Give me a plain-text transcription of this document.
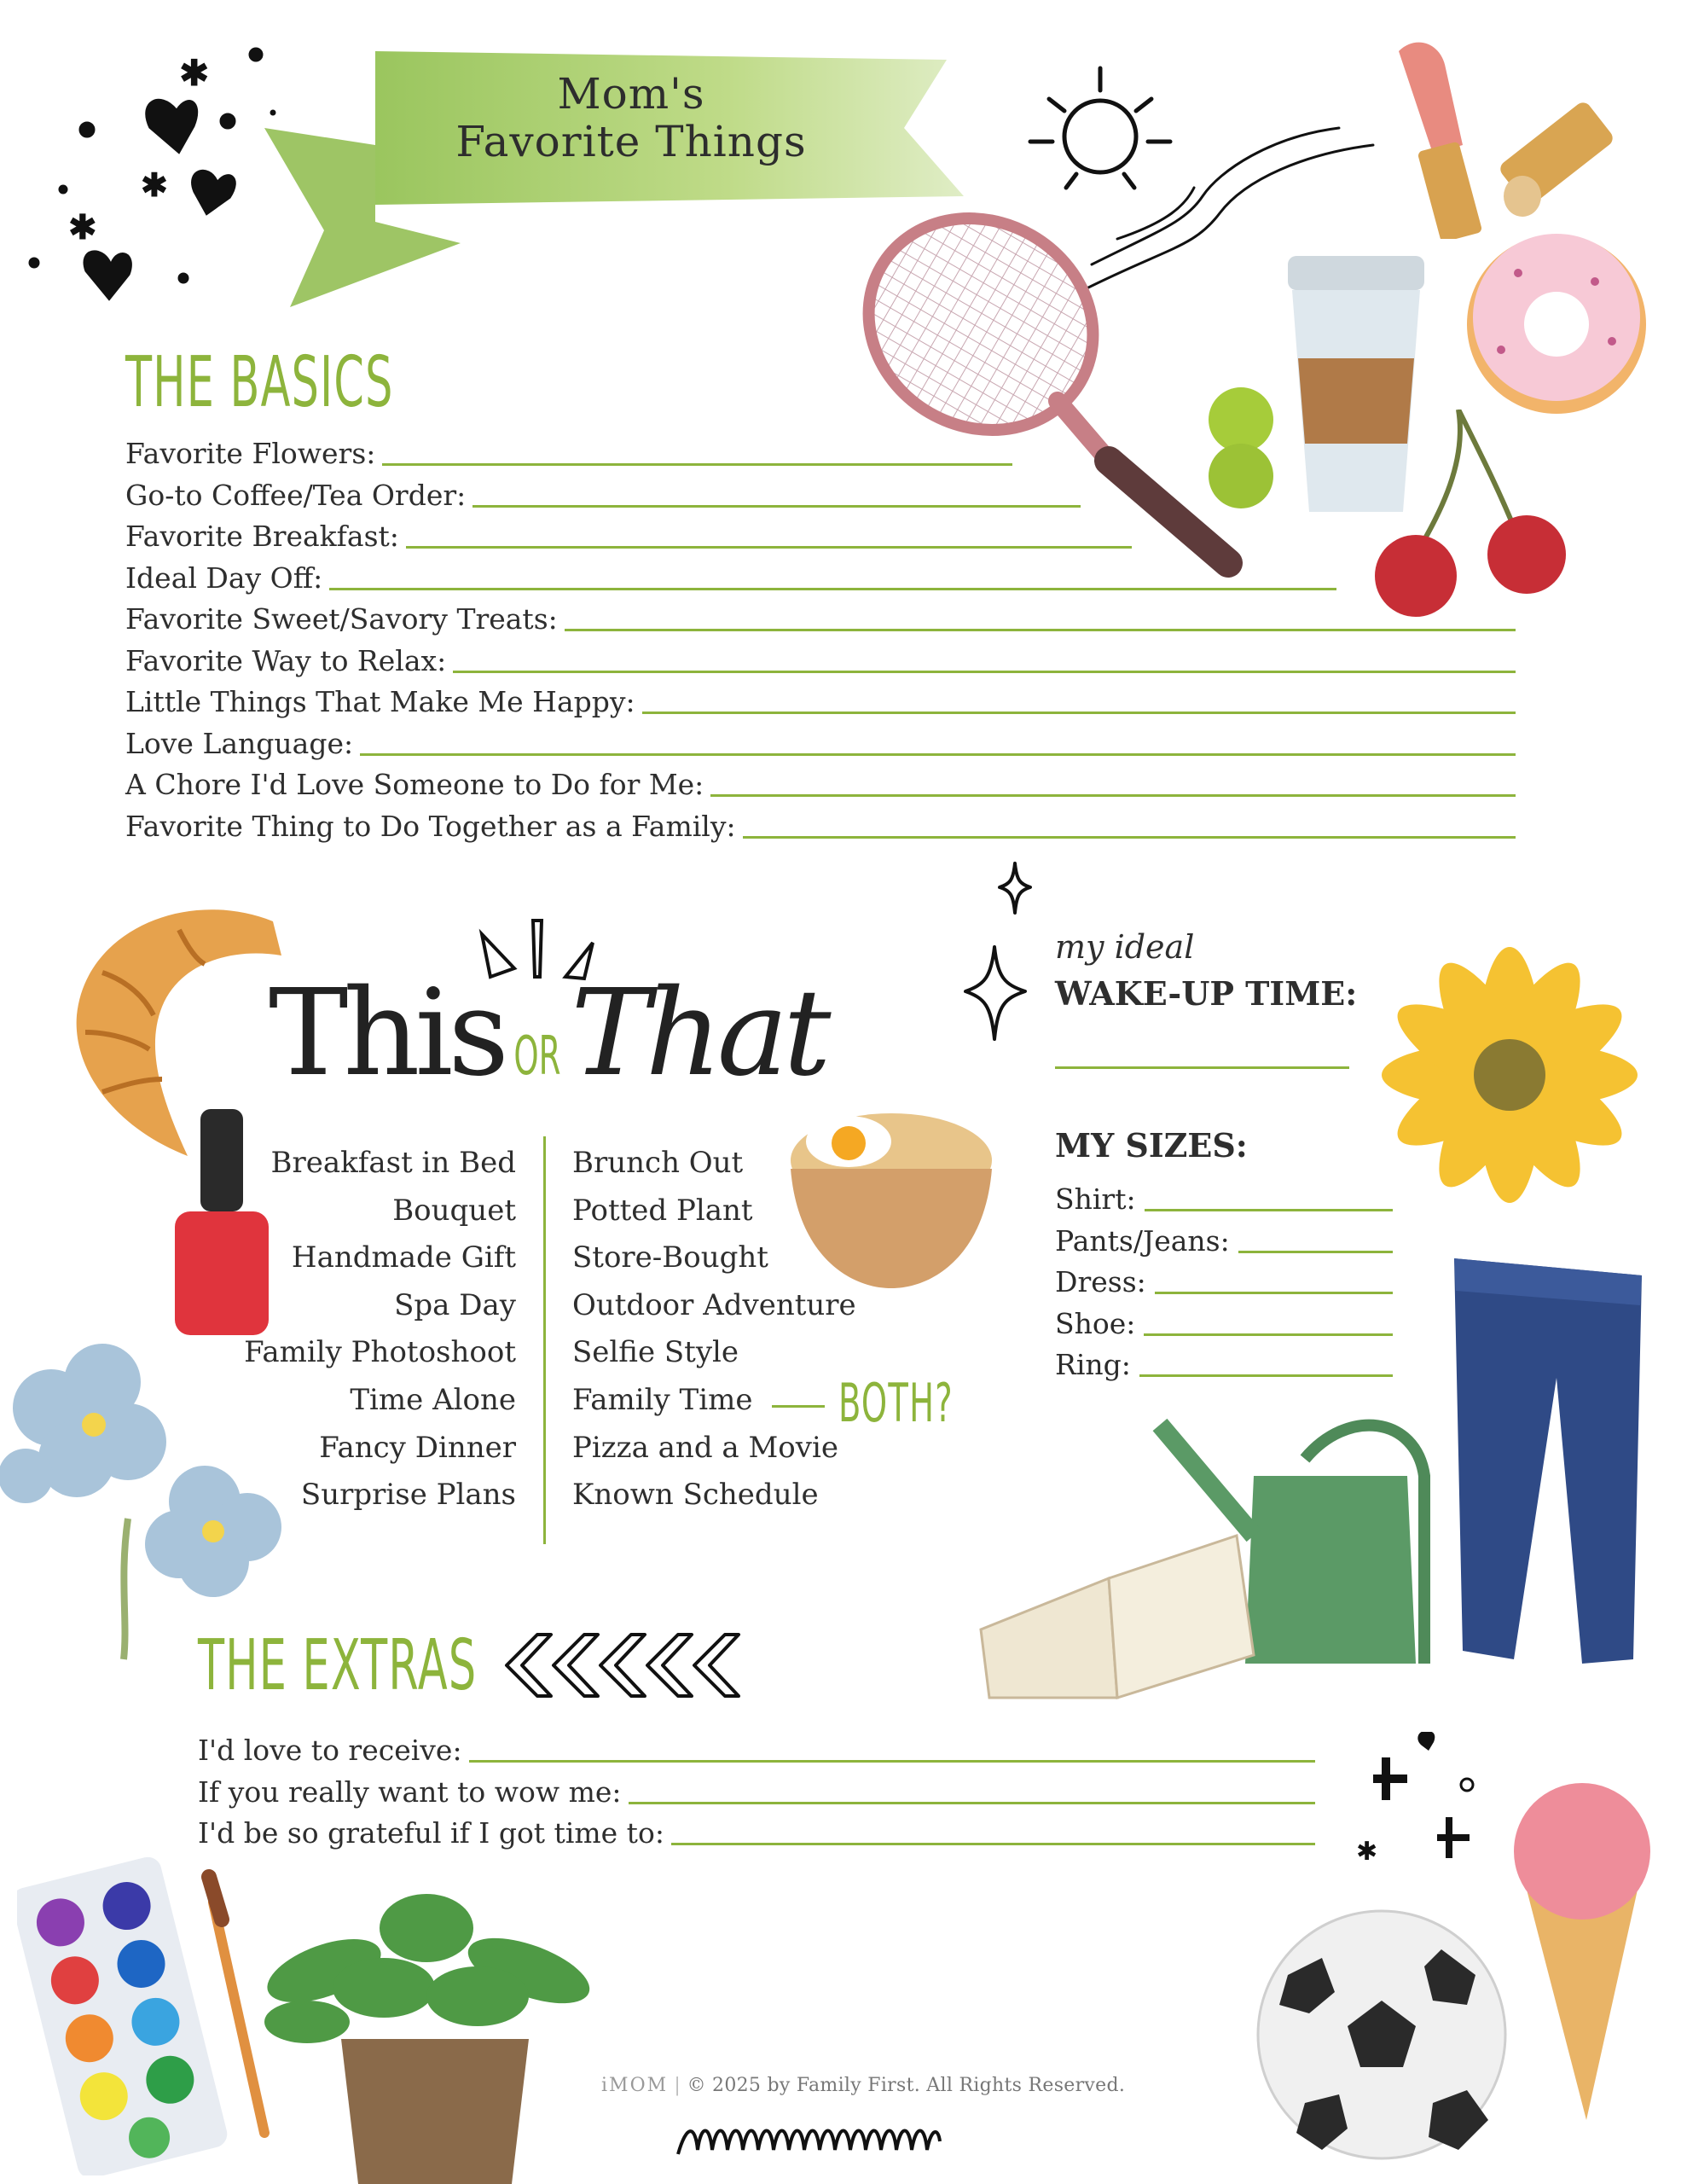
✱
✱
✱
Mom's
Favorite Things
THE BASICS
Favorite Flowers:
Go-to Coffee/Tea Order:
Favorite Breakfast:
Ideal Day Off:
Favorite Sweet/Savory Treats:
Favorite Way to Relax:
Little Things That Make Me Happy:
Love Language:
A Chore I'd Love Someone to Do for Me:
Favorite Thing to Do Together as a Family:
This OR That
my ideal
WAKE-UP TIME:
Breakfast in Bed
Bouquet
Handmade Gift
Spa Day
Family Photoshoot
Time Alone
Fancy Dinner
Surprise Plans
Brunch Out
Potted Plant
Store-Bought
Outdoor Adventure
Selfie Style
Family Time
Pizza and a Movie
Known Schedule
BOTH?
MY SIZES:
Shirt:
Pants/Jeans:
Dress:
Shoe:
Ring:
THE EXTRAS
I'd love to receive:
If you really want to wow me:
I'd be so grateful if I got time to:
✱
iMOM | © 2025 by Family First. All Rights Reserved.
